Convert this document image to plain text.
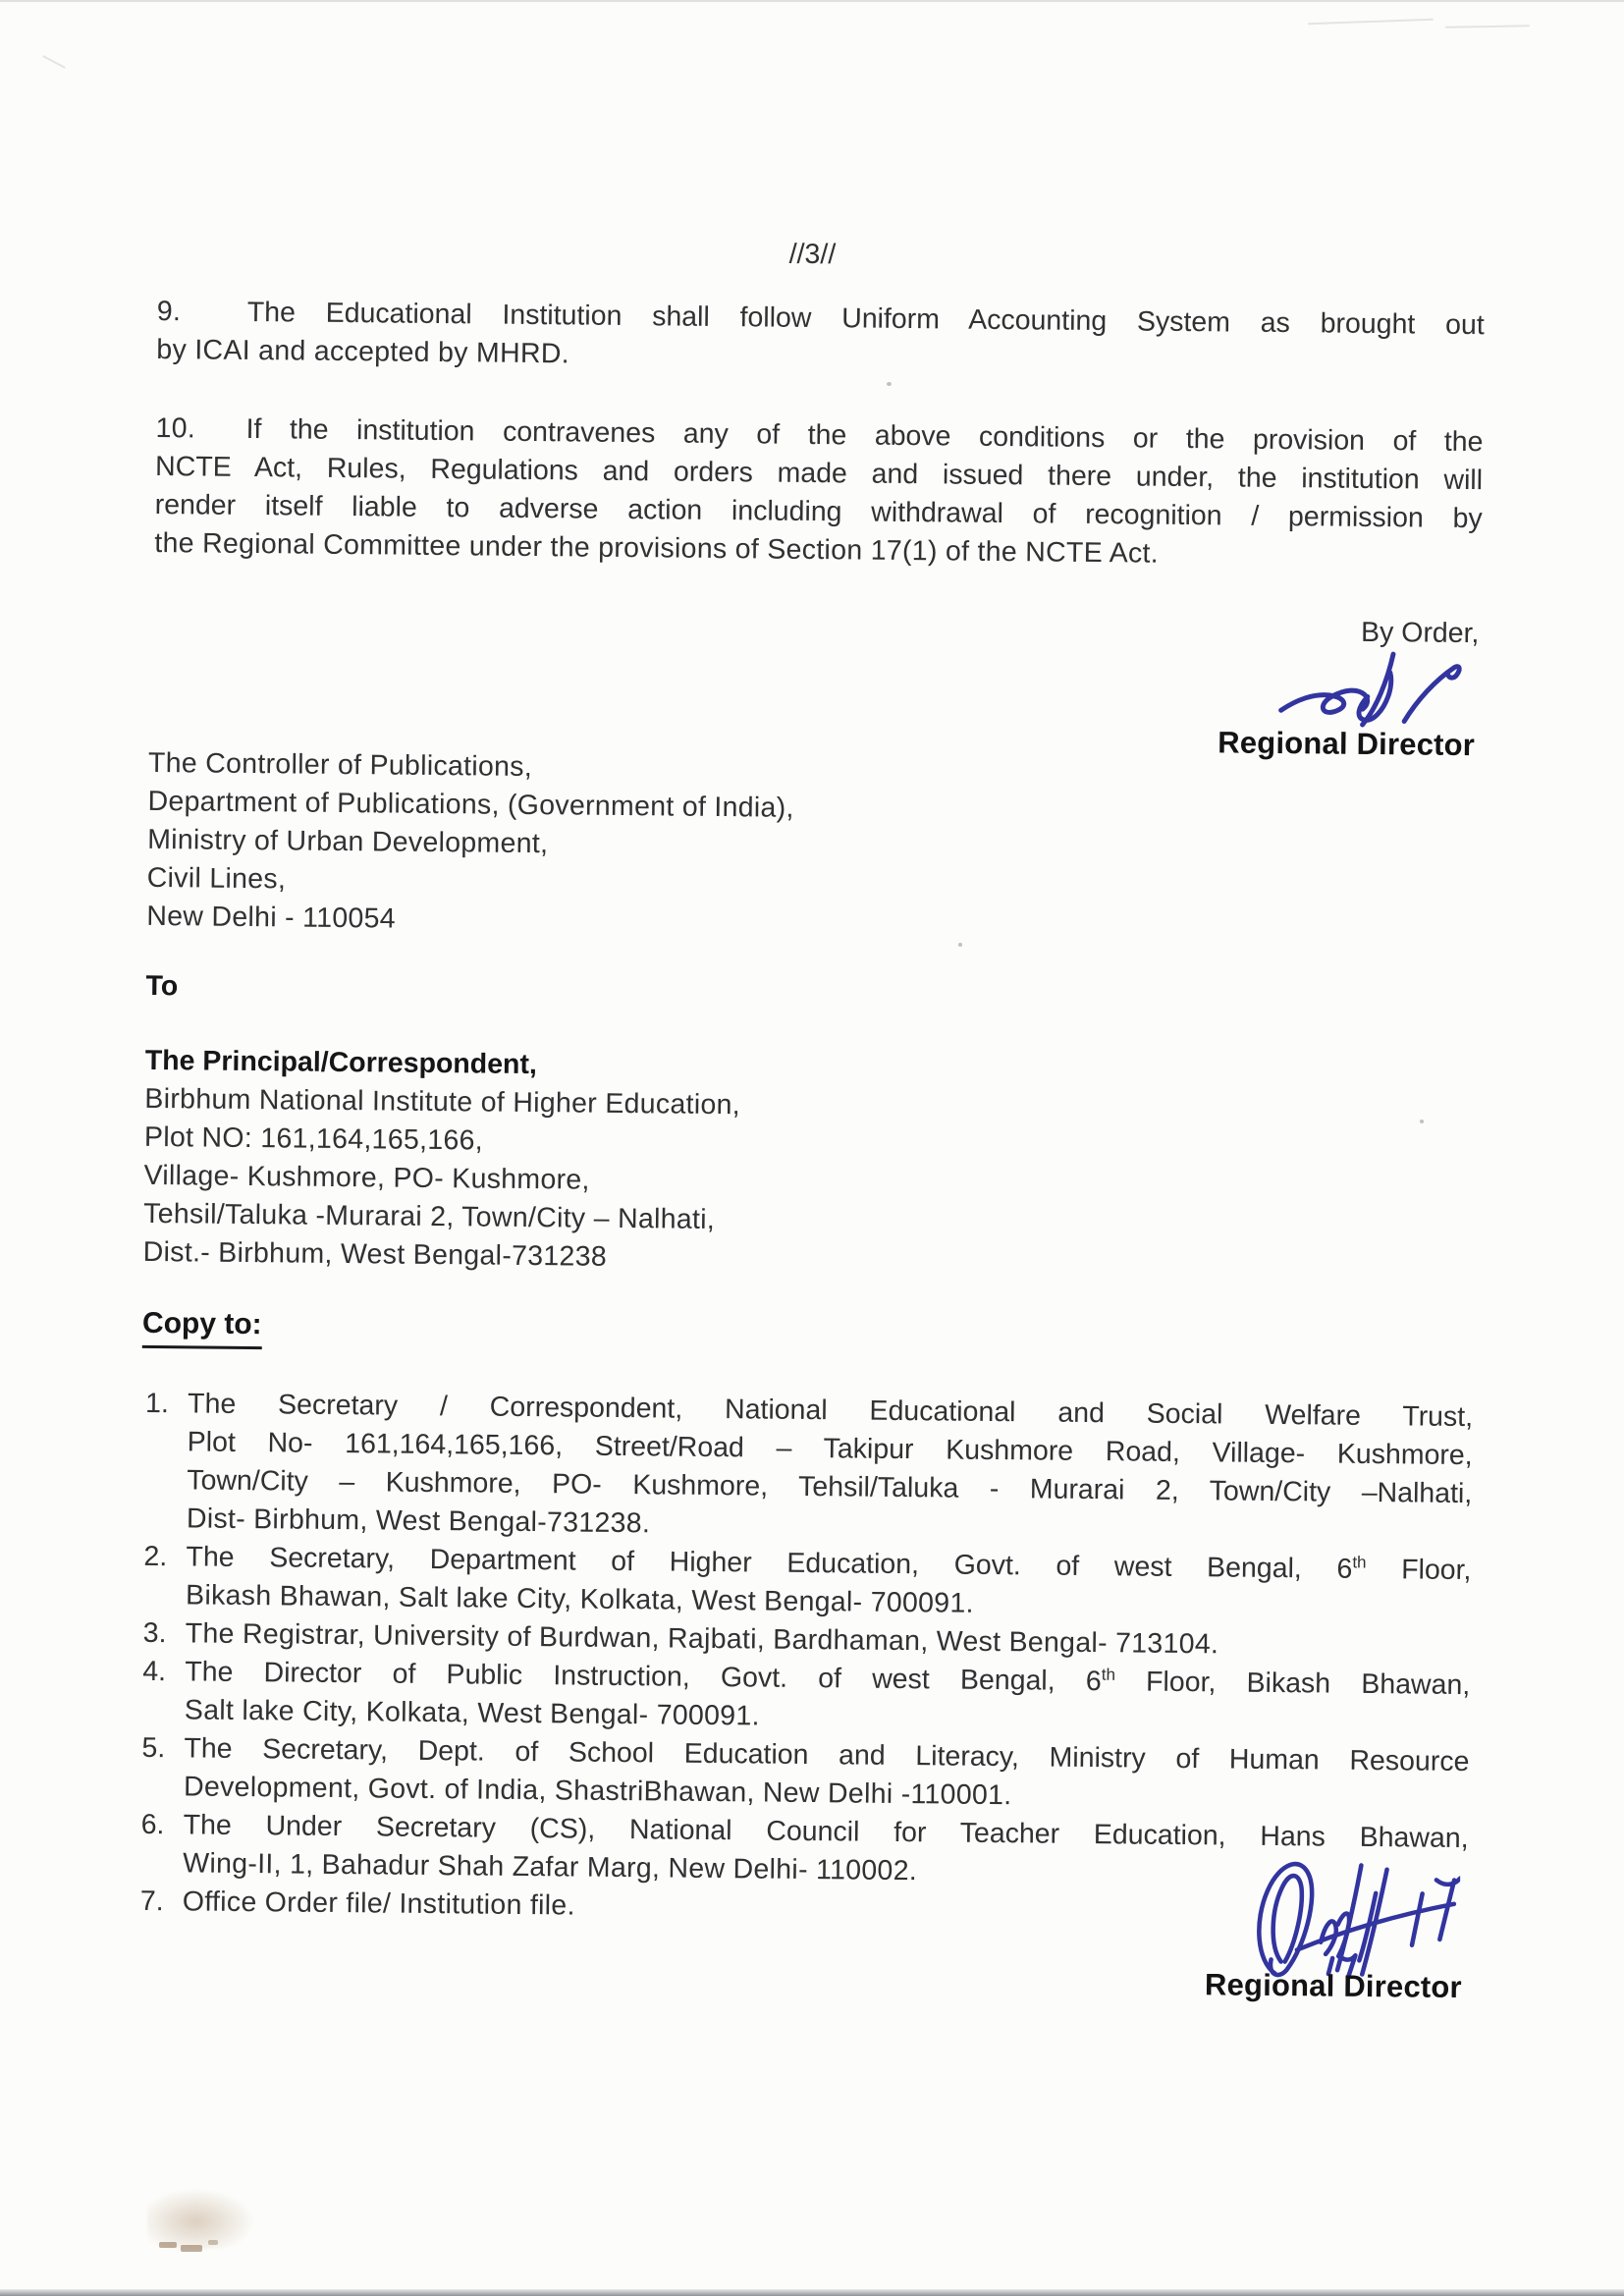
//3//
9. The Educational Institution shall follow Uniform Accounting System as brought out
by ICAI and accepted by MHRD.
10. If the institution contravenes any of the above conditions or the provision of the
NCTE Act, Rules, Regulations and orders made and issued there under, the institution will
render itself liable to adverse action including withdrawal of recognition / permission by
the Regional Committee under the provisions of Section 17(1) of the NCTE Act.
By Order,
Regional Director
The Controller of Publications,
Department of Publications, (Government of India),
Ministry of Urban Development,
Civil Lines,
New Delhi - 110054
To
The Principal/Correspondent,
Birbhum National Institute of Higher Education,
Plot NO: 161,164,165,166,
Village- Kushmore, PO- Kushmore,
Tehsil/Taluka -Murarai 2, Town/City – Nalhati,
Dist.- Birbhum, West Bengal-731238
Copy to:
1. The Secretary / Correspondent, National Educational and Social Welfare Trust,
Plot No- 161,164,165,166, Street/Road – Takipur Kushmore Road, Village- Kushmore,
Town/City – Kushmore, PO- Kushmore, Tehsil/Taluka - Murarai 2, Town/City –Nalhati,
Dist- Birbhum, West Bengal-731238.
2. The Secretary, Department of Higher Education, Govt. of west Bengal, 6th Floor,
Bikash Bhawan, Salt lake City, Kolkata, West Bengal- 700091.
3. The Registrar, University of Burdwan, Rajbati, Bardhaman, West Bengal- 713104.
4. The Director of Public Instruction, Govt. of west Bengal, 6th Floor, Bikash Bhawan,
Salt lake City, Kolkata, West Bengal- 700091.
5. The Secretary, Dept. of School Education and Literacy, Ministry of Human Resource
Development, Govt. of India, ShastriBhawan, New Delhi -110001.
6. The Under Secretary (CS), National Council for Teacher Education, Hans Bhawan,
Wing-II, 1, Bahadur Shah Zafar Marg, New Delhi- 110002.
7. Office Order file/ Institution file.
Regional Director
